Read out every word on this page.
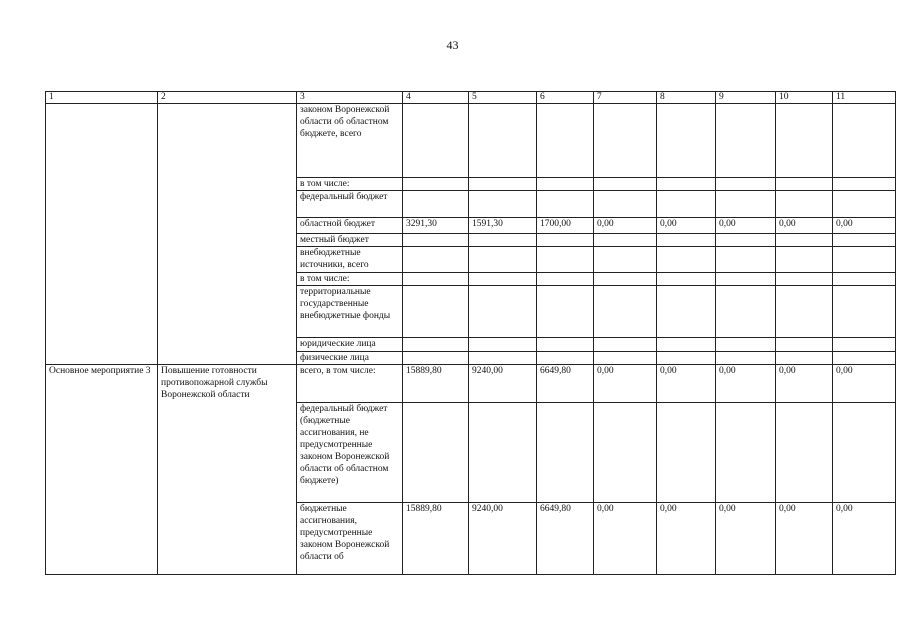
43
1	2	3	4	5	6	7	8	9	10	11
		законом Воронежской области об областном бюджете, всего								
		в том числе:								
		федеральный бюджет								
		областной бюджет	3291,30	1591,30	1700,00	0,00	0,00	0,00	0,00	0,00
		местный бюджет								
		внебюджетные источники, всего								
		в том числе:								
		территориальные государственные внебюджетные фонды								
		юридические лица								
		физические лица								
Основное мероприятие 3	Повышение готовности противопожарной службы Воронежской области	всего, в том числе:	15889,80	9240,00	6649,80	0,00	0,00	0,00	0,00	0,00
		федеральный бюджет (бюджетные ассигнования, не предусмотренные законом Воронежской области об областном бюджете)								
		бюджетные ассигнования, предусмотренные законом Воронежской области об	15889,80	9240,00	6649,80	0,00	0,00	0,00	0,00	0,00
